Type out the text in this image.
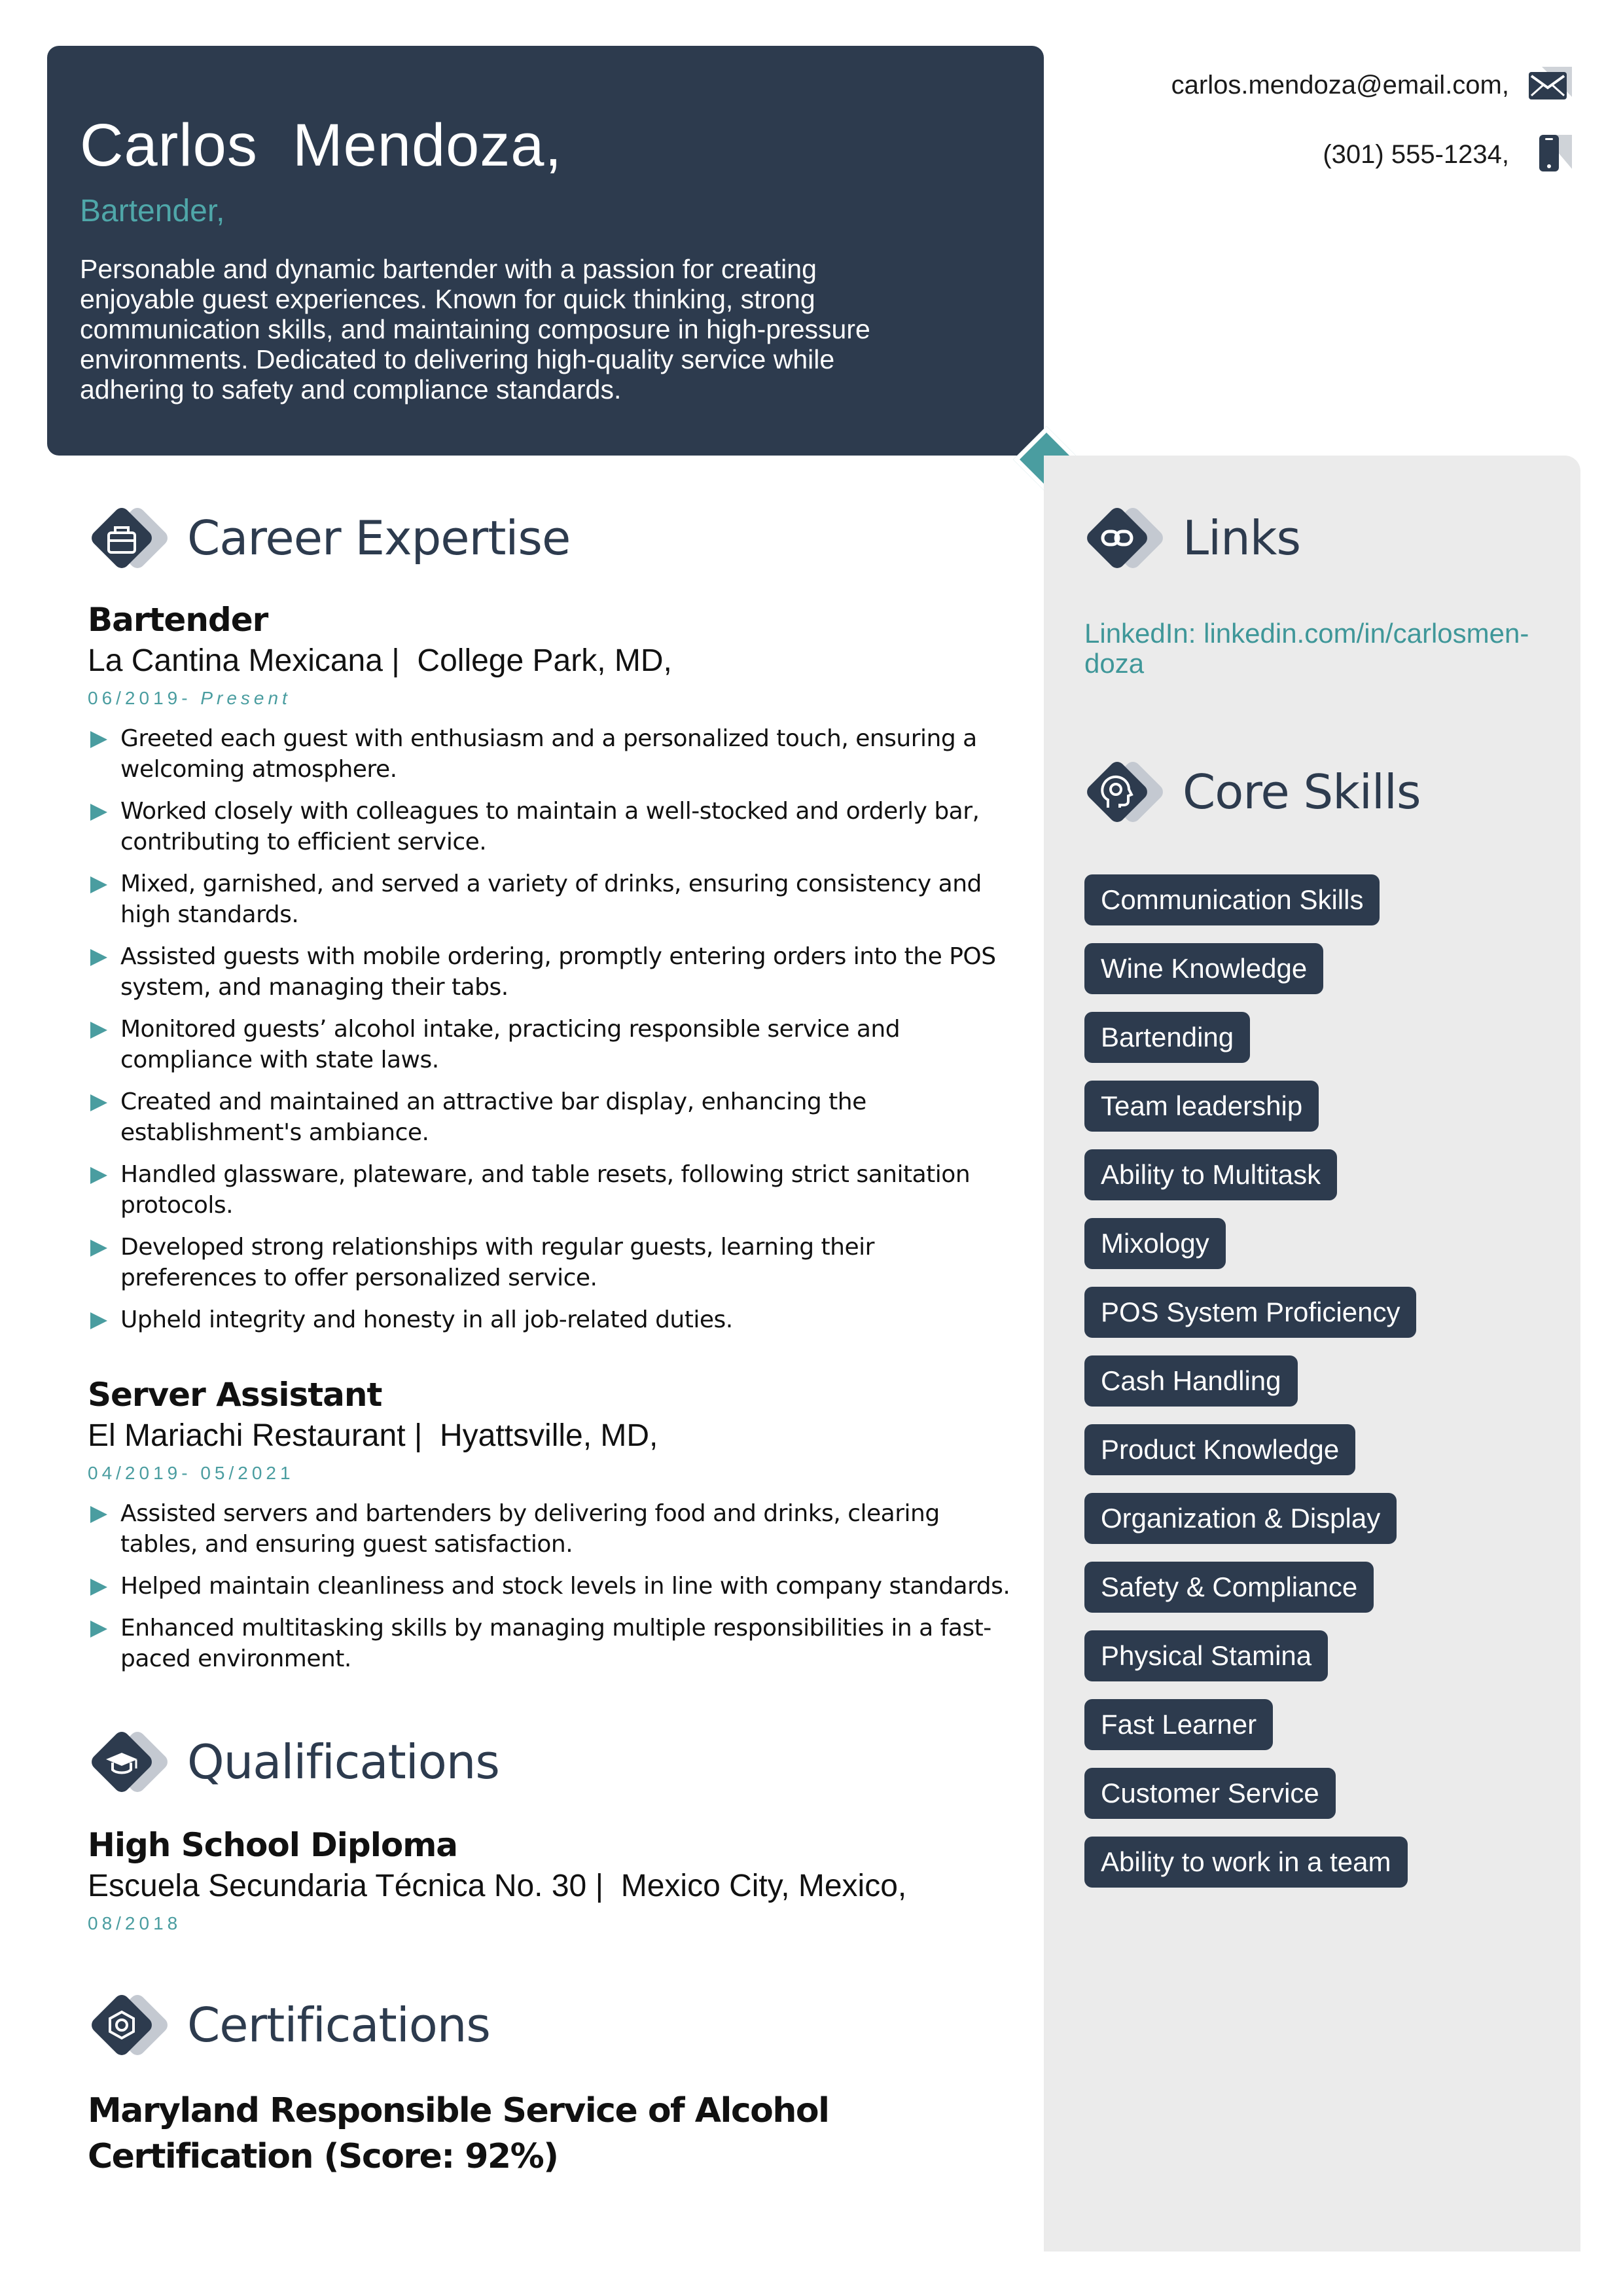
Carlos Mendoza,
Bartender,
Personable and dynamic bartender with a passion for creating enjoyable guest experiences. Known for quick thinking, strong communication skills, and maintaining composure in high-pressure environments. Dedicated to delivering high-quality service while adhering to safety and compliance standards.
carlos.mendoza@email.com,
(301) 555-1234,
Links
LinkedIn: linkedin.com/in/carlosmen-doza
Core Skills
Communication Skills
Wine Knowledge
Bartending
Team leadership
Ability to Multitask
Mixology
POS System Proficiency
Cash Handling
Product Knowledge
Organization & Display
Safety & Compliance
Physical Stamina
Fast Learner
Customer Service
Ability to work in a team
Career Expertise
Bartender
La Cantina Mexicana |  College Park, MD,
06/2019- Present
Greeted each guest with enthusiasm and a personalized touch, ensuring a welcoming atmosphere.
Worked closely with colleagues to maintain a well-stocked and orderly bar, contributing to efficient service.
Mixed, garnished, and served a variety of drinks, ensuring consistency and high standards.
Assisted guests with mobile ordering, promptly entering orders into the POS system, and managing their tabs.
Monitored guests’ alcohol intake, practicing responsible service and compliance with state laws.
Created and maintained an attractive bar display, enhancing the establishment's ambiance.
Handled glassware, plateware, and table resets, following strict sanitation protocols.
Developed strong relationships with regular guests, learning their preferences to offer personalized service.
Upheld integrity and honesty in all job-related duties.
Server Assistant
El Mariachi Restaurant |  Hyattsville, MD,
04/2019- 05/2021
Assisted servers and bartenders by delivering food and drinks, clearing tables, and ensuring guest satisfaction.
Helped maintain cleanliness and stock levels in line with company standards.
Enhanced multitasking skills by managing multiple responsibilities in a fast-paced environment.
Qualifications
High School Diploma
Escuela Secundaria Técnica No. 30 |  Mexico City, Mexico,
08/2018
Certifications
Maryland Responsible Service of Alcohol Certification (Score: 92%)
